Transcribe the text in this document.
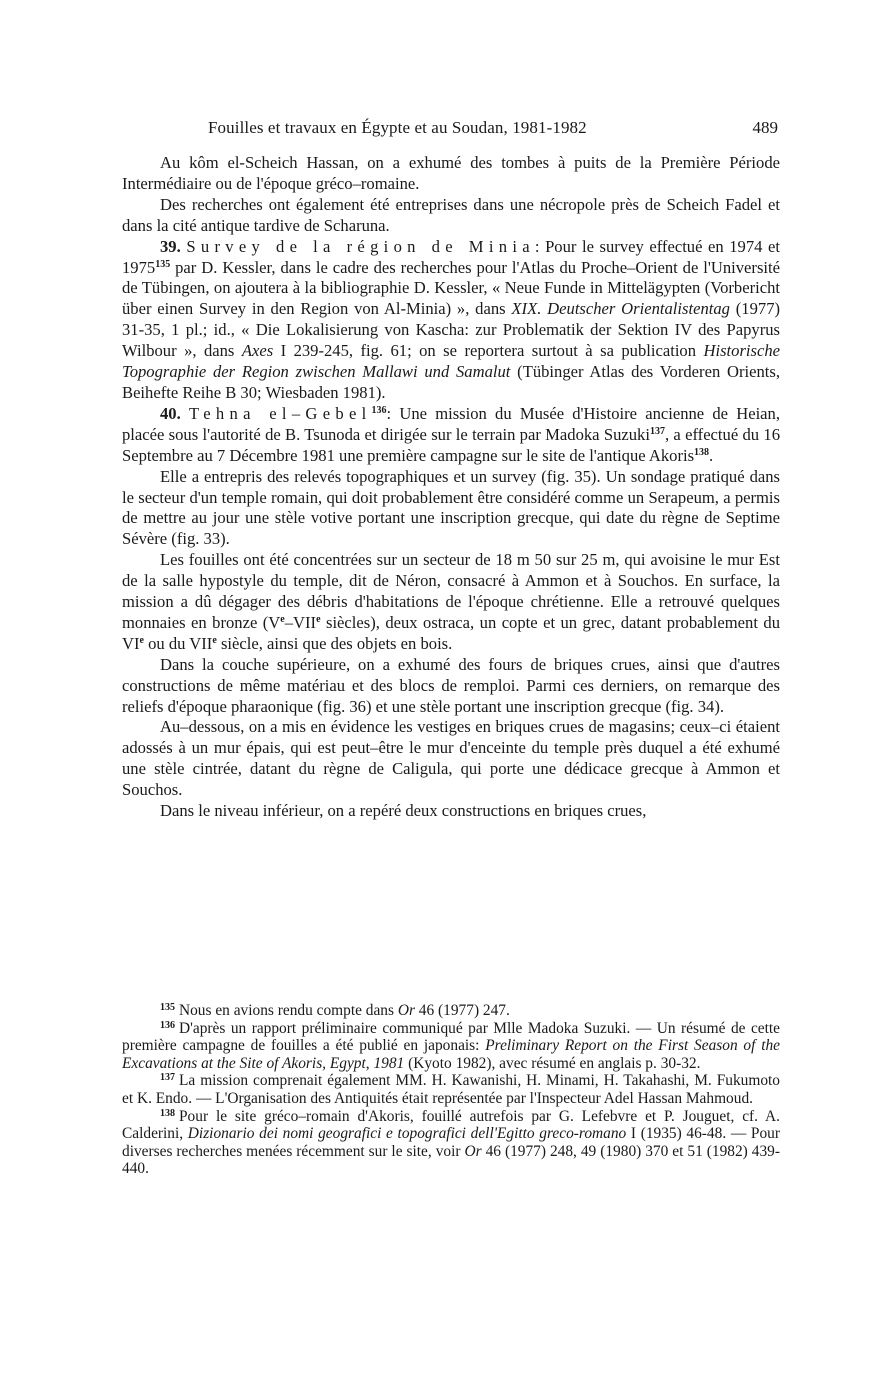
Fouilles et travaux en Égypte et au Soudan, 1981-1982	489

Au kôm el-Scheich Hassan, on a exhumé des tombes à puits de la Première Période Intermédiaire ou de l'époque gréco–romaine.

Des recherches ont également été entreprises dans une nécropole près de Scheich Fadel et dans la cité antique tardive de Scharuna.

39. Survey de la région de Minia: Pour le survey effectué en 1974 et 1975$^{135}$ par D. Kessler, dans le cadre des recherches pour l'Atlas du Proche–Orient de l'Université de Tübingen, on ajoutera à la bibliographie D. Kessler, « Neue Funde in Mittelägypten (Vorbericht über einen Survey in den Region von Al-Minia) », dans XIX. Deutscher Orientalistentag (1977) 31-35, 1 pl.; id., « Die Lokalisierung von Kascha: zur Problematik der Sektion IV des Papyrus Wilbour », dans Axes I 239-245, fig. 61; on se reportera surtout à sa publication Historische Topographie der Region zwischen Mallawi und Samalut (Tübinger Atlas des Vorderen Orients, Beihefte Reihe B 30; Wiesbaden 1981).

40. Tehna el–Gebel$^{136}$: Une mission du Musée d'Histoire ancienne de Heian, placée sous l'autorité de B. Tsunoda et dirigée sur le terrain par Madoka Suzuki$^{137}$, a effectué du 16 Septembre au 7 Décembre 1981 une première campagne sur le site de l'antique Akoris$^{138}$.

Elle a entrepris des relevés topographiques et un survey (fig. 35). Un sondage pratiqué dans le secteur d'un temple romain, qui doit probablement être considéré comme un Serapeum, a permis de mettre au jour une stèle votive portant une inscription grecque, qui date du règne de Septime Sévère (fig. 33).

Les fouilles ont été concentrées sur un secteur de 18 m 50 sur 25 m, qui avoisine le mur Est de la salle hypostyle du temple, dit de Néron, consacré à Ammon et à Souchos. En surface, la mission a dû dégager des débris d'habitations de l'époque chrétienne. Elle a retrouvé quelques monnaies en bronze (Ve–VIIe siècles), deux ostraca, un copte et un grec, datant probablement du VIe ou du VIIe siècle, ainsi que des objets en bois.

Dans la couche supérieure, on a exhumé des fours de briques crues, ainsi que d'autres constructions de même matériau et des blocs de remploi. Parmi ces derniers, on remarque des reliefs d'époque pharaonique (fig. 36) et une stèle portant une inscription grecque (fig. 34).

Au–dessous, on a mis en évidence les vestiges en briques crues de magasins; ceux–ci étaient adossés à un mur épais, qui est peut–être le mur d'enceinte du temple près duquel a été exhumé une stèle cintrée, datant du règne de Caligula, qui porte une dédicace grecque à Ammon et Souchos.

Dans le niveau inférieur, on a repéré deux constructions en briques crues,

$^{135}$ Nous en avions rendu compte dans Or 46 (1977) 247.

$^{136}$ D'après un rapport préliminaire communiqué par Mlle Madoka Suzuki. — Un résumé de cette première campagne de fouilles a été publié en japonais: Preliminary Report on the First Season of the Excavations at the Site of Akoris, Egypt, 1981 (Kyoto 1982), avec résumé en anglais p. 30-32.

$^{137}$ La mission comprenait également MM. H. Kawanishi, H. Minami, H. Takahashi, M. Fukumoto et K. Endo. — L'Organisation des Antiquités était représentée par l'Inspecteur Adel Hassan Mahmoud.

$^{138}$ Pour le site gréco–romain d'Akoris, fouillé autrefois par G. Lefebvre et P. Jouguet, cf. A. Calderini, Dizionario dei nomi geografici e topografici dell'Egitto greco-romano I (1935) 46-48. — Pour diverses recherches menées récemment sur le site, voir Or 46 (1977) 248, 49 (1980) 370 et 51 (1982) 439-440.
